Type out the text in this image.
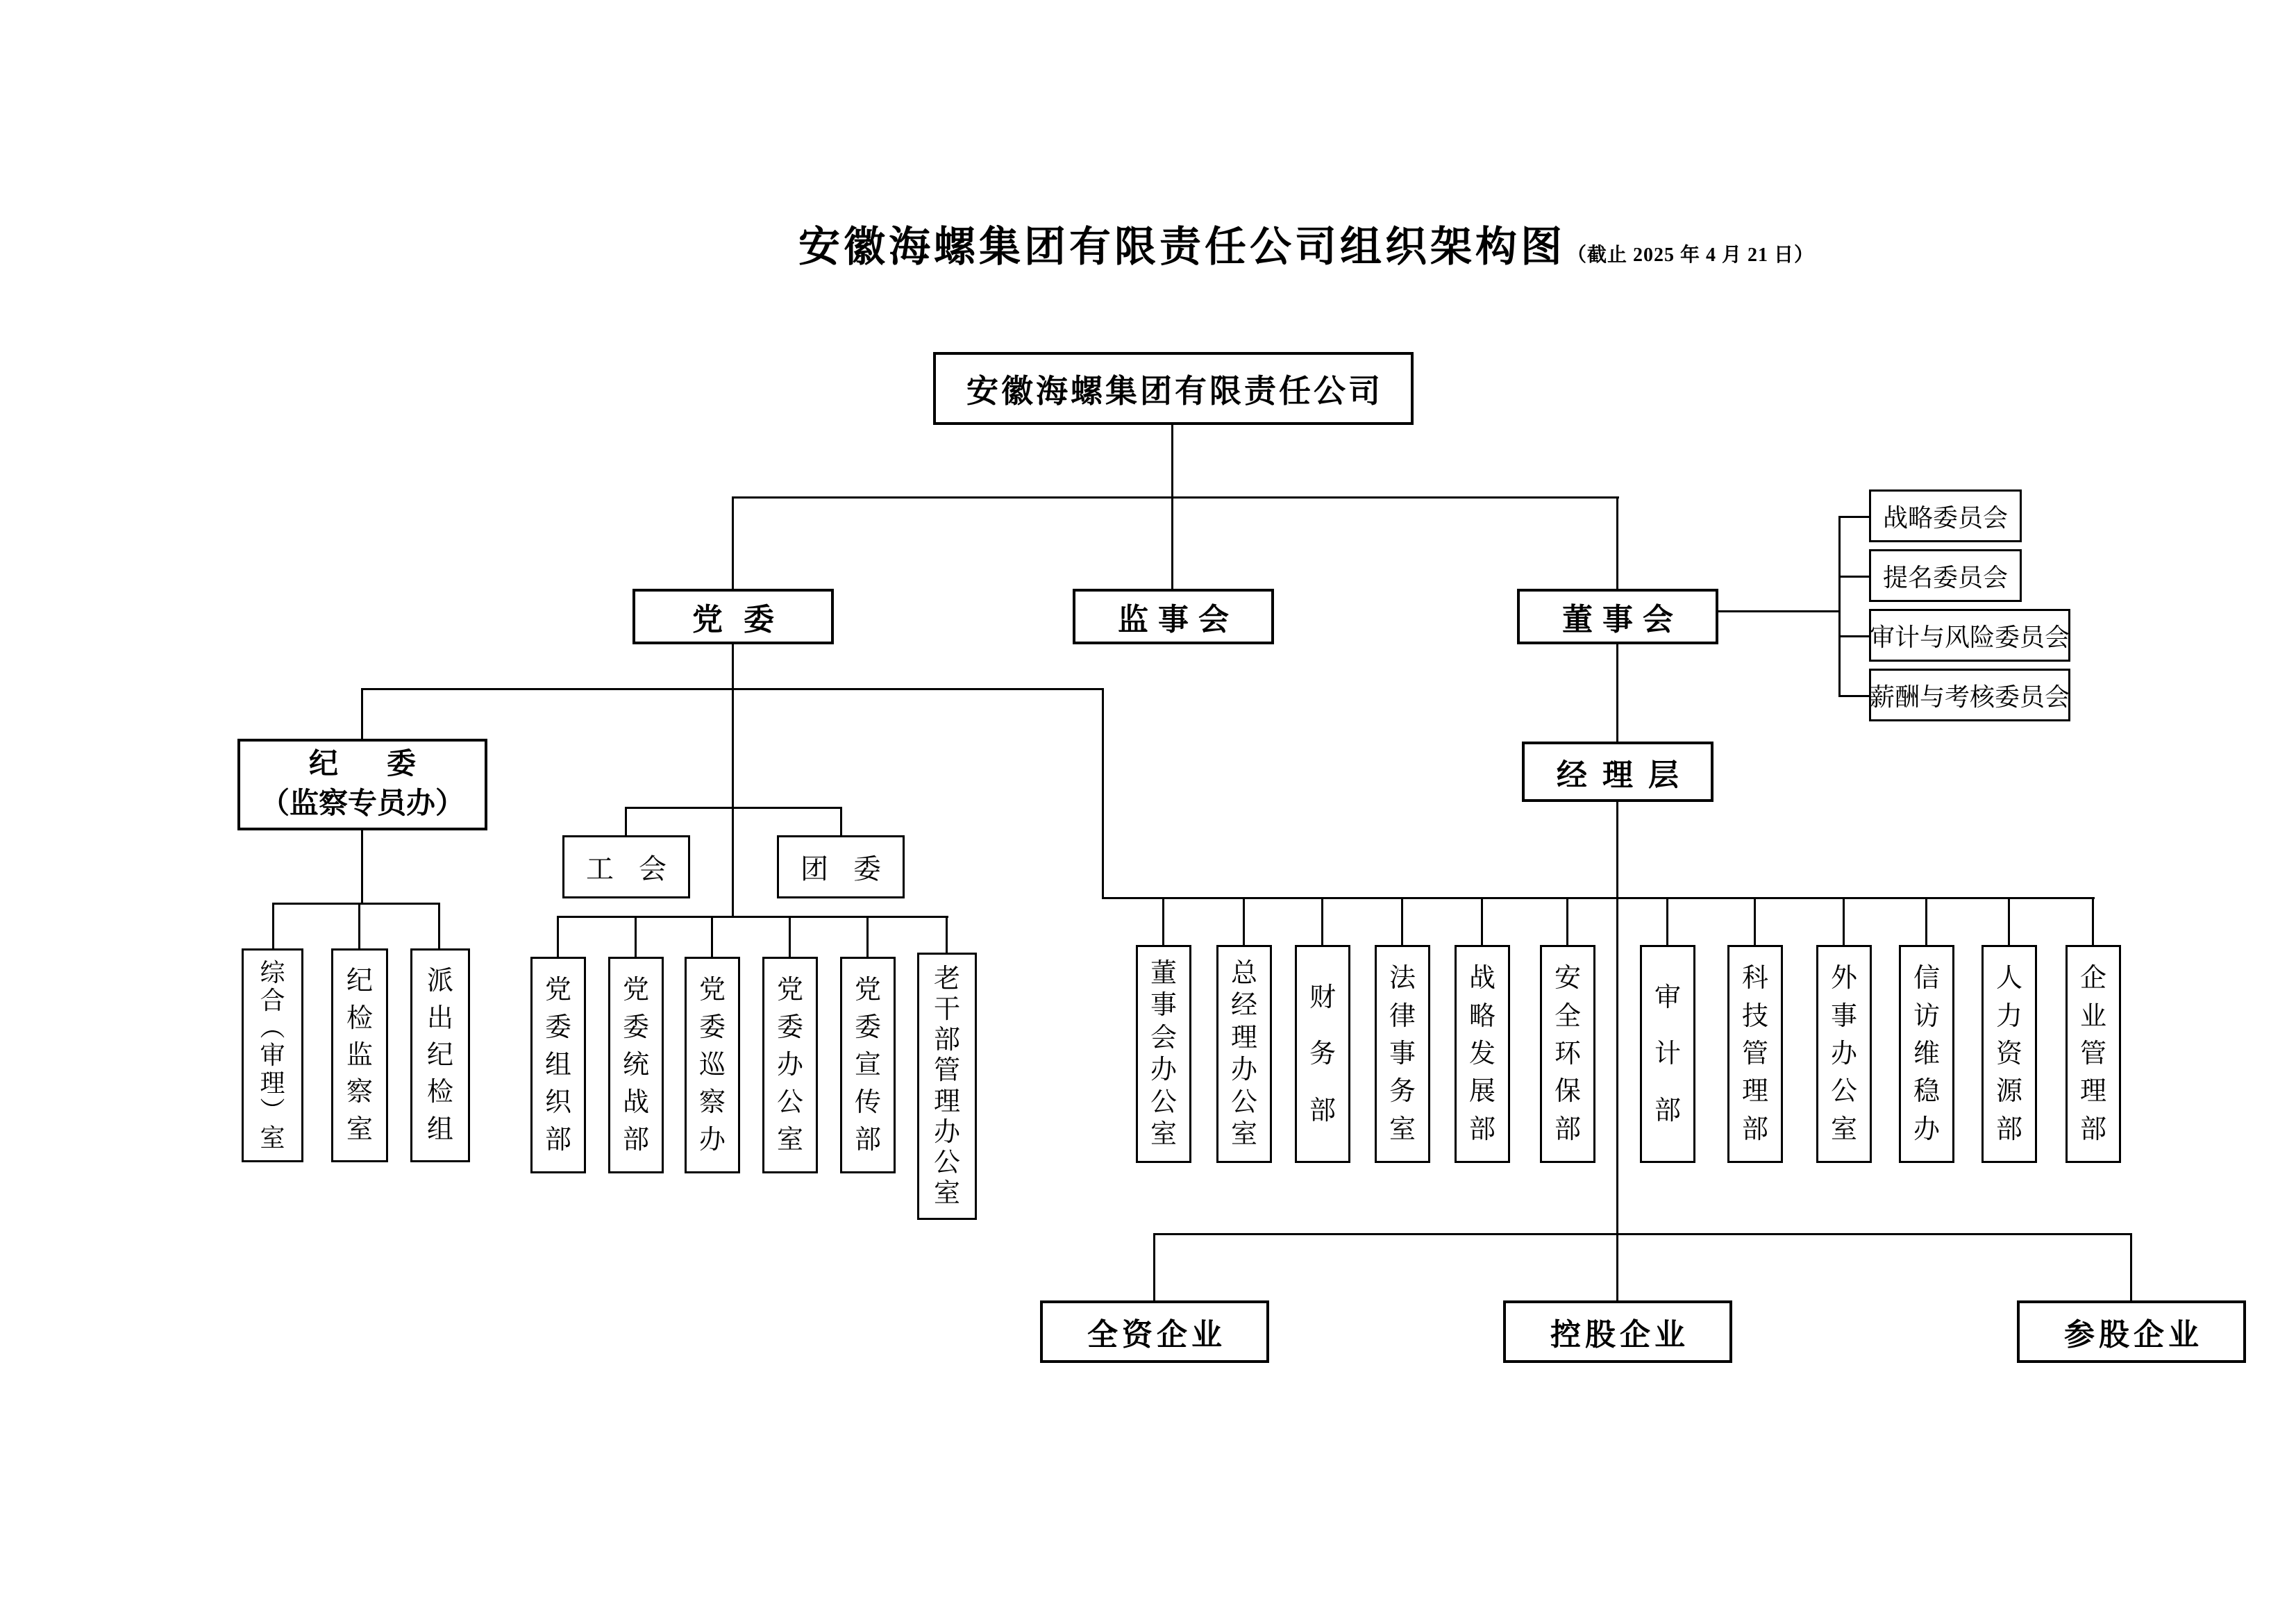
安徽海螺集团有限责任公司组织架构图 （截止 2025 年 4 月 21 日）
安徽海螺集团有限责任公司
党委	监事会	董事会
战略委员会
提名委员会
审计与风险委员会
薪酬与考核委员会
纪委
（监察专员办）
经理层
工会	团委
综
合
︵
审
理
︶
室
纪
检
监
察
室
派
出
纪
检
组
党
委
组
织
部
党
委
统
战
部
党
委
巡
察
办
党
委
办
公
室
党
委
宣
传
部
老
干
部
管
理
办
公
室
董
事
会
办
公
室
总
经
理
办
公
室
财
务
部
法
律
事
务
室
战
略
发
展
部
安
全
环
保
部
审
计
部
科
技
管
理
部
外
事
办
公
室
信
访
维
稳
办
人
力
资
源
部
企
业
管
理
部
全资企业	控股企业	参股企业
